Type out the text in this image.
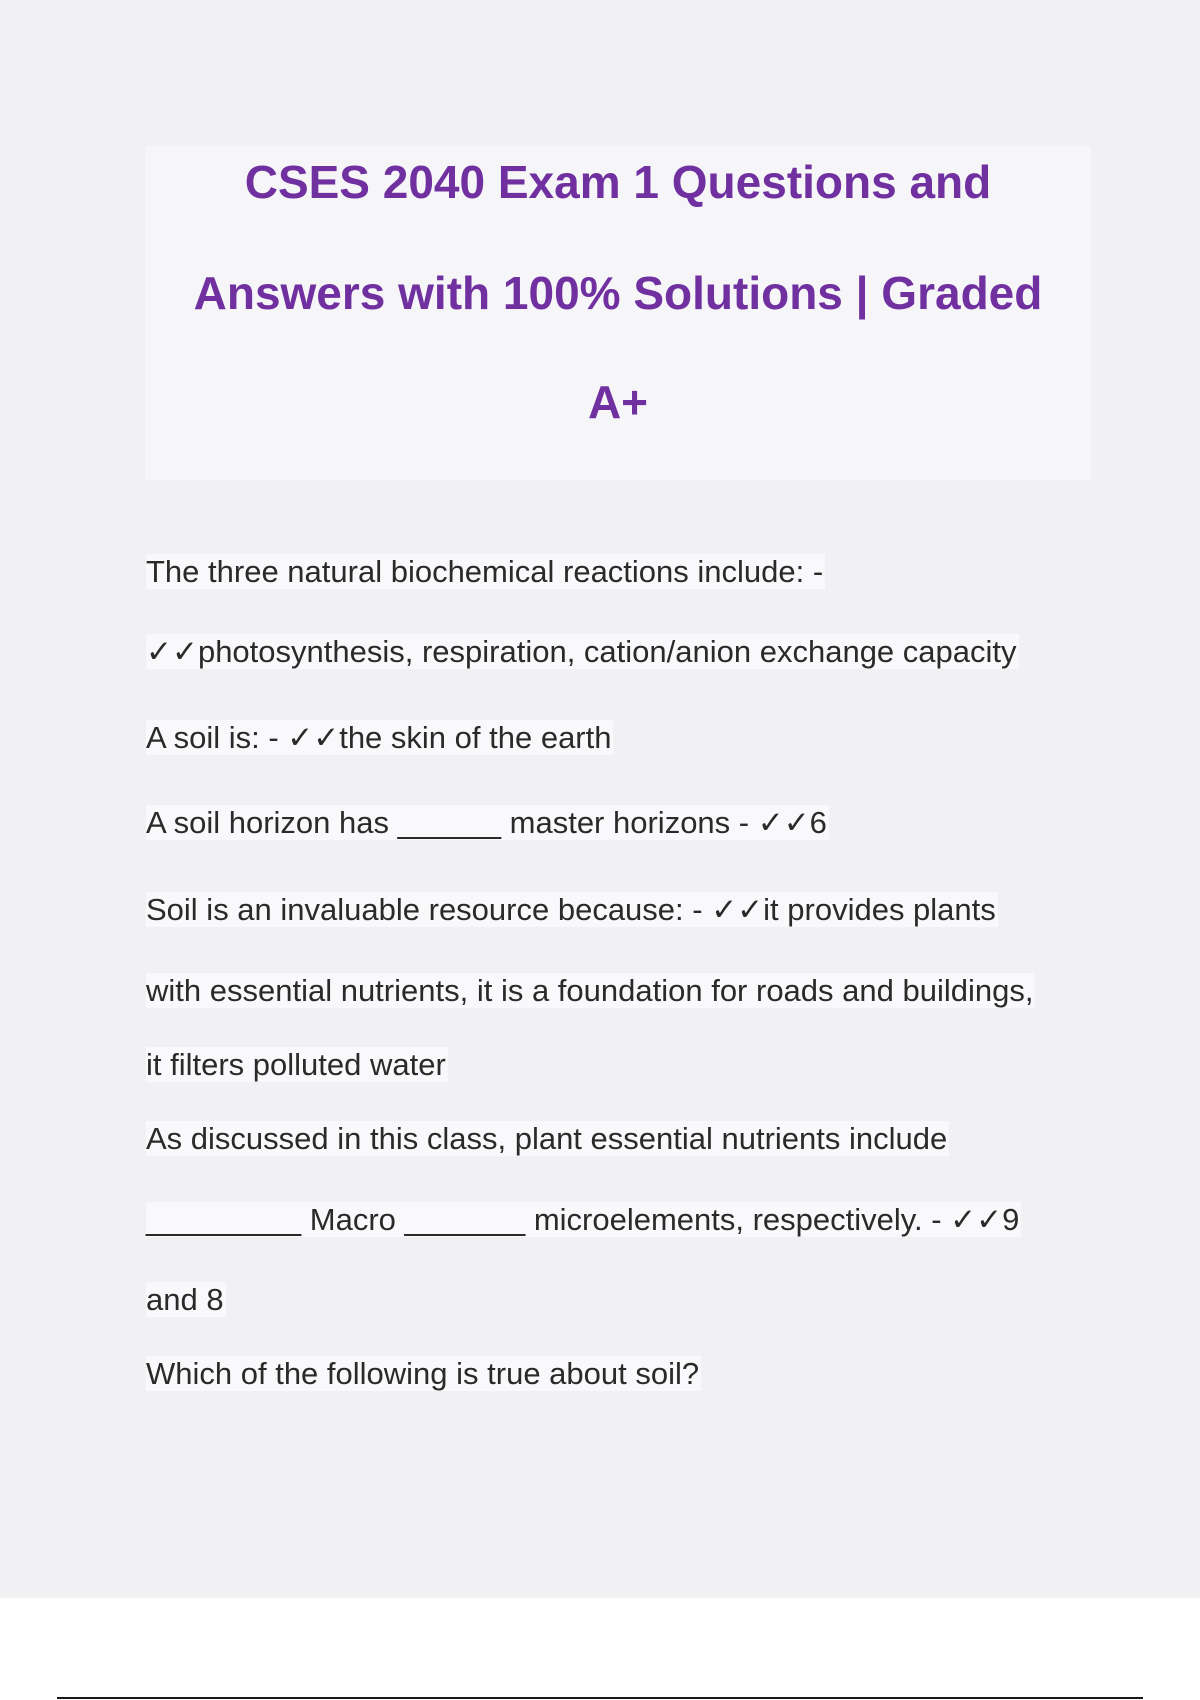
CSES 2040 Exam 1 Questions and
Answers with 100% Solutions | Graded
A+
The three natural biochemical reactions include: -
✓✓photosynthesis, respiration, cation/anion exchange capacity
A soil is: - ✓✓the skin of the earth
A soil horizon has ______ master horizons - ✓✓6
Soil is an invaluable resource because: - ✓✓it provides plants
with essential nutrients, it is a foundation for roads and buildings,
it filters polluted water
As discussed in this class, plant essential nutrients include
_________ Macro _______ microelements, respectively. - ✓✓9
and 8
Which of the following is true about soil?
